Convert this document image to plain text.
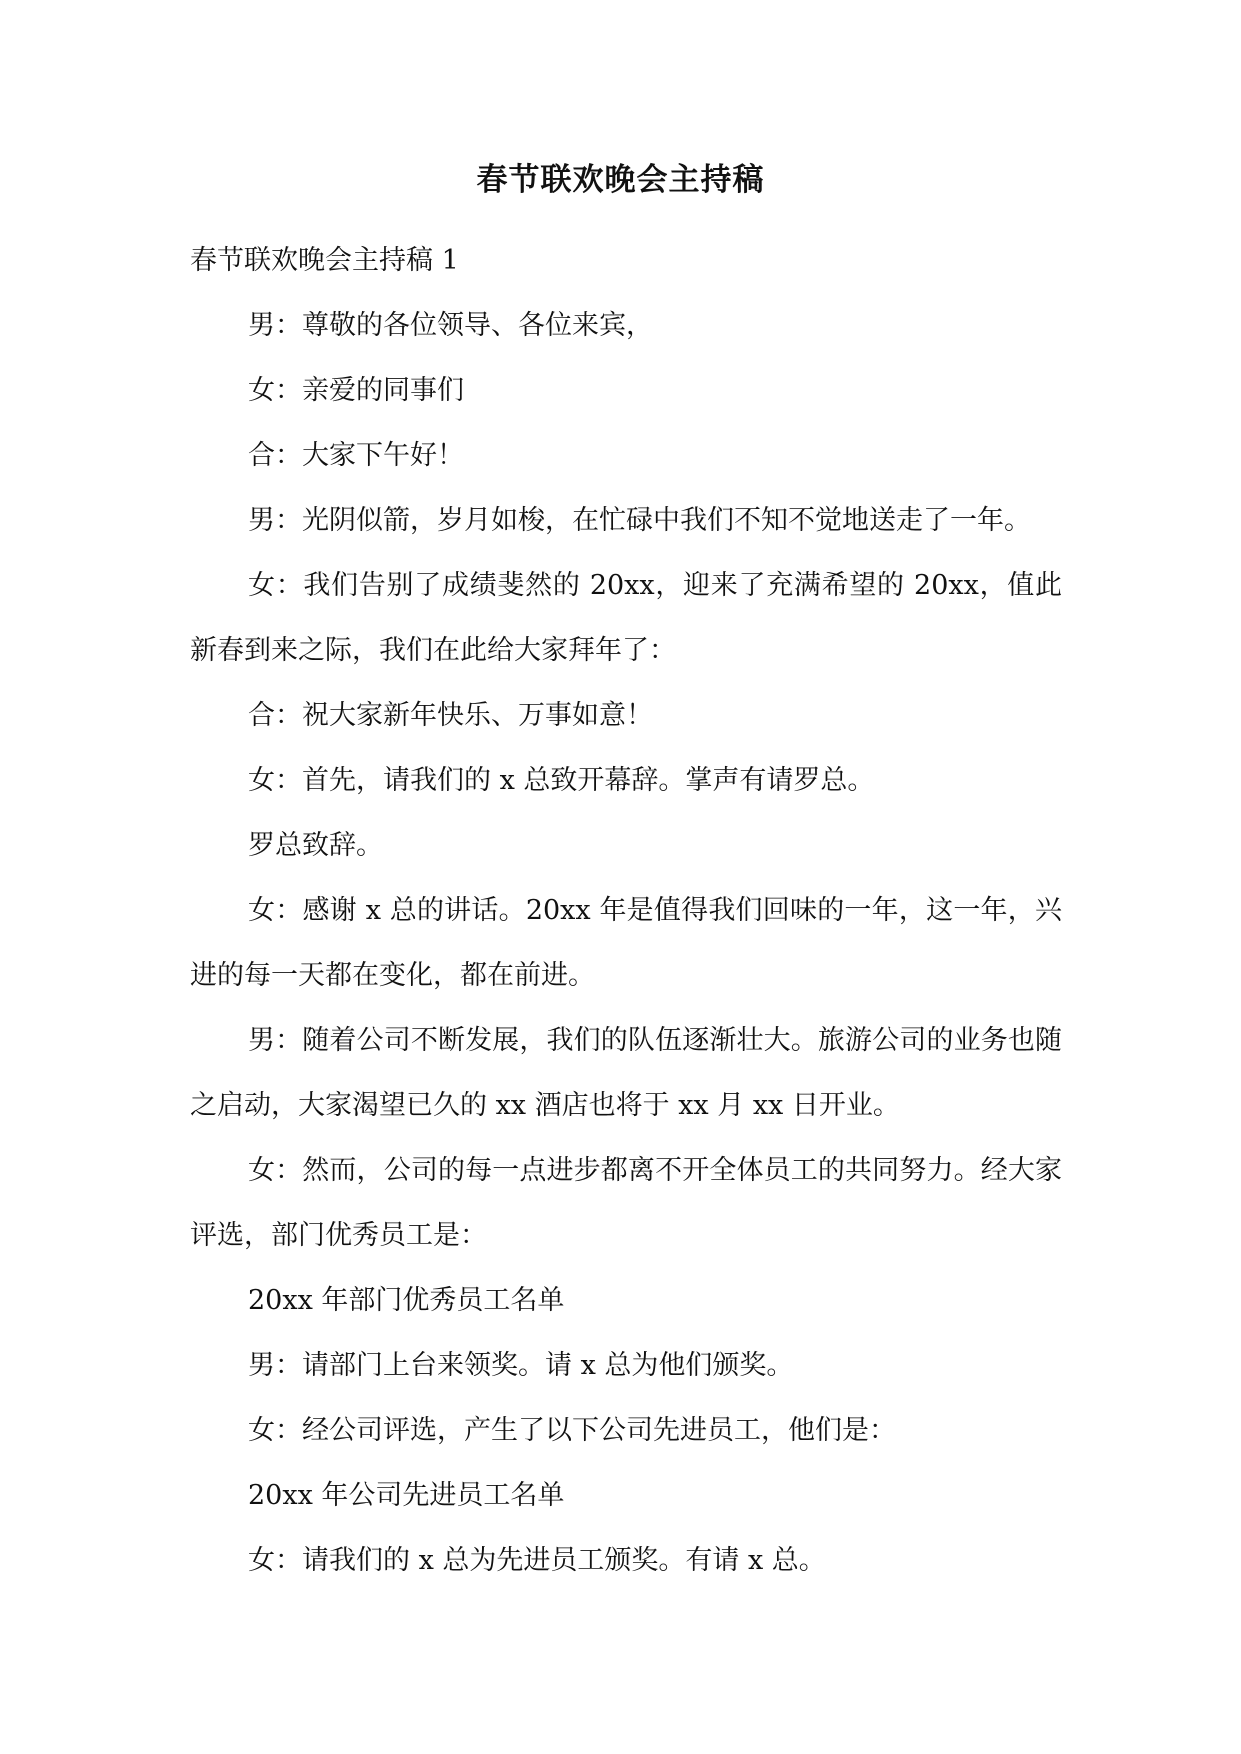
春节联欢晚会主持稿

春节联欢晚会主持稿 1

男：尊敬的各位领导、各位来宾，

女：亲爱的同事们

合：大家下午好！

男：光阴似箭，岁月如梭，在忙碌中我们不知不觉地送走了一年。

女：我们告别了成绩斐然的 20xx，迎来了充满希望的 20xx，值此新春到来之际，我们在此给大家拜年了：

合：祝大家新年快乐、万事如意！

女：首先，请我们的 x 总致开幕辞。掌声有请罗总。

罗总致辞。

女：感谢 x 总的讲话。20xx 年是值得我们回味的一年，这一年，兴进的每一天都在变化，都在前进。

男：随着公司不断发展，我们的队伍逐渐壮大。旅游公司的业务也随之启动，大家渴望已久的 xx 酒店也将于 xx 月 xx 日开业。

女：然而，公司的每一点进步都离不开全体员工的共同努力。经大家评选，部门优秀员工是：

20xx 年部门优秀员工名单

男：请部门上台来领奖。请 x 总为他们颁奖。

女：经公司评选，产生了以下公司先进员工，他们是：

20xx 年公司先进员工名单

女：请我们的 x 总为先进员工颁奖。有请 x 总。
